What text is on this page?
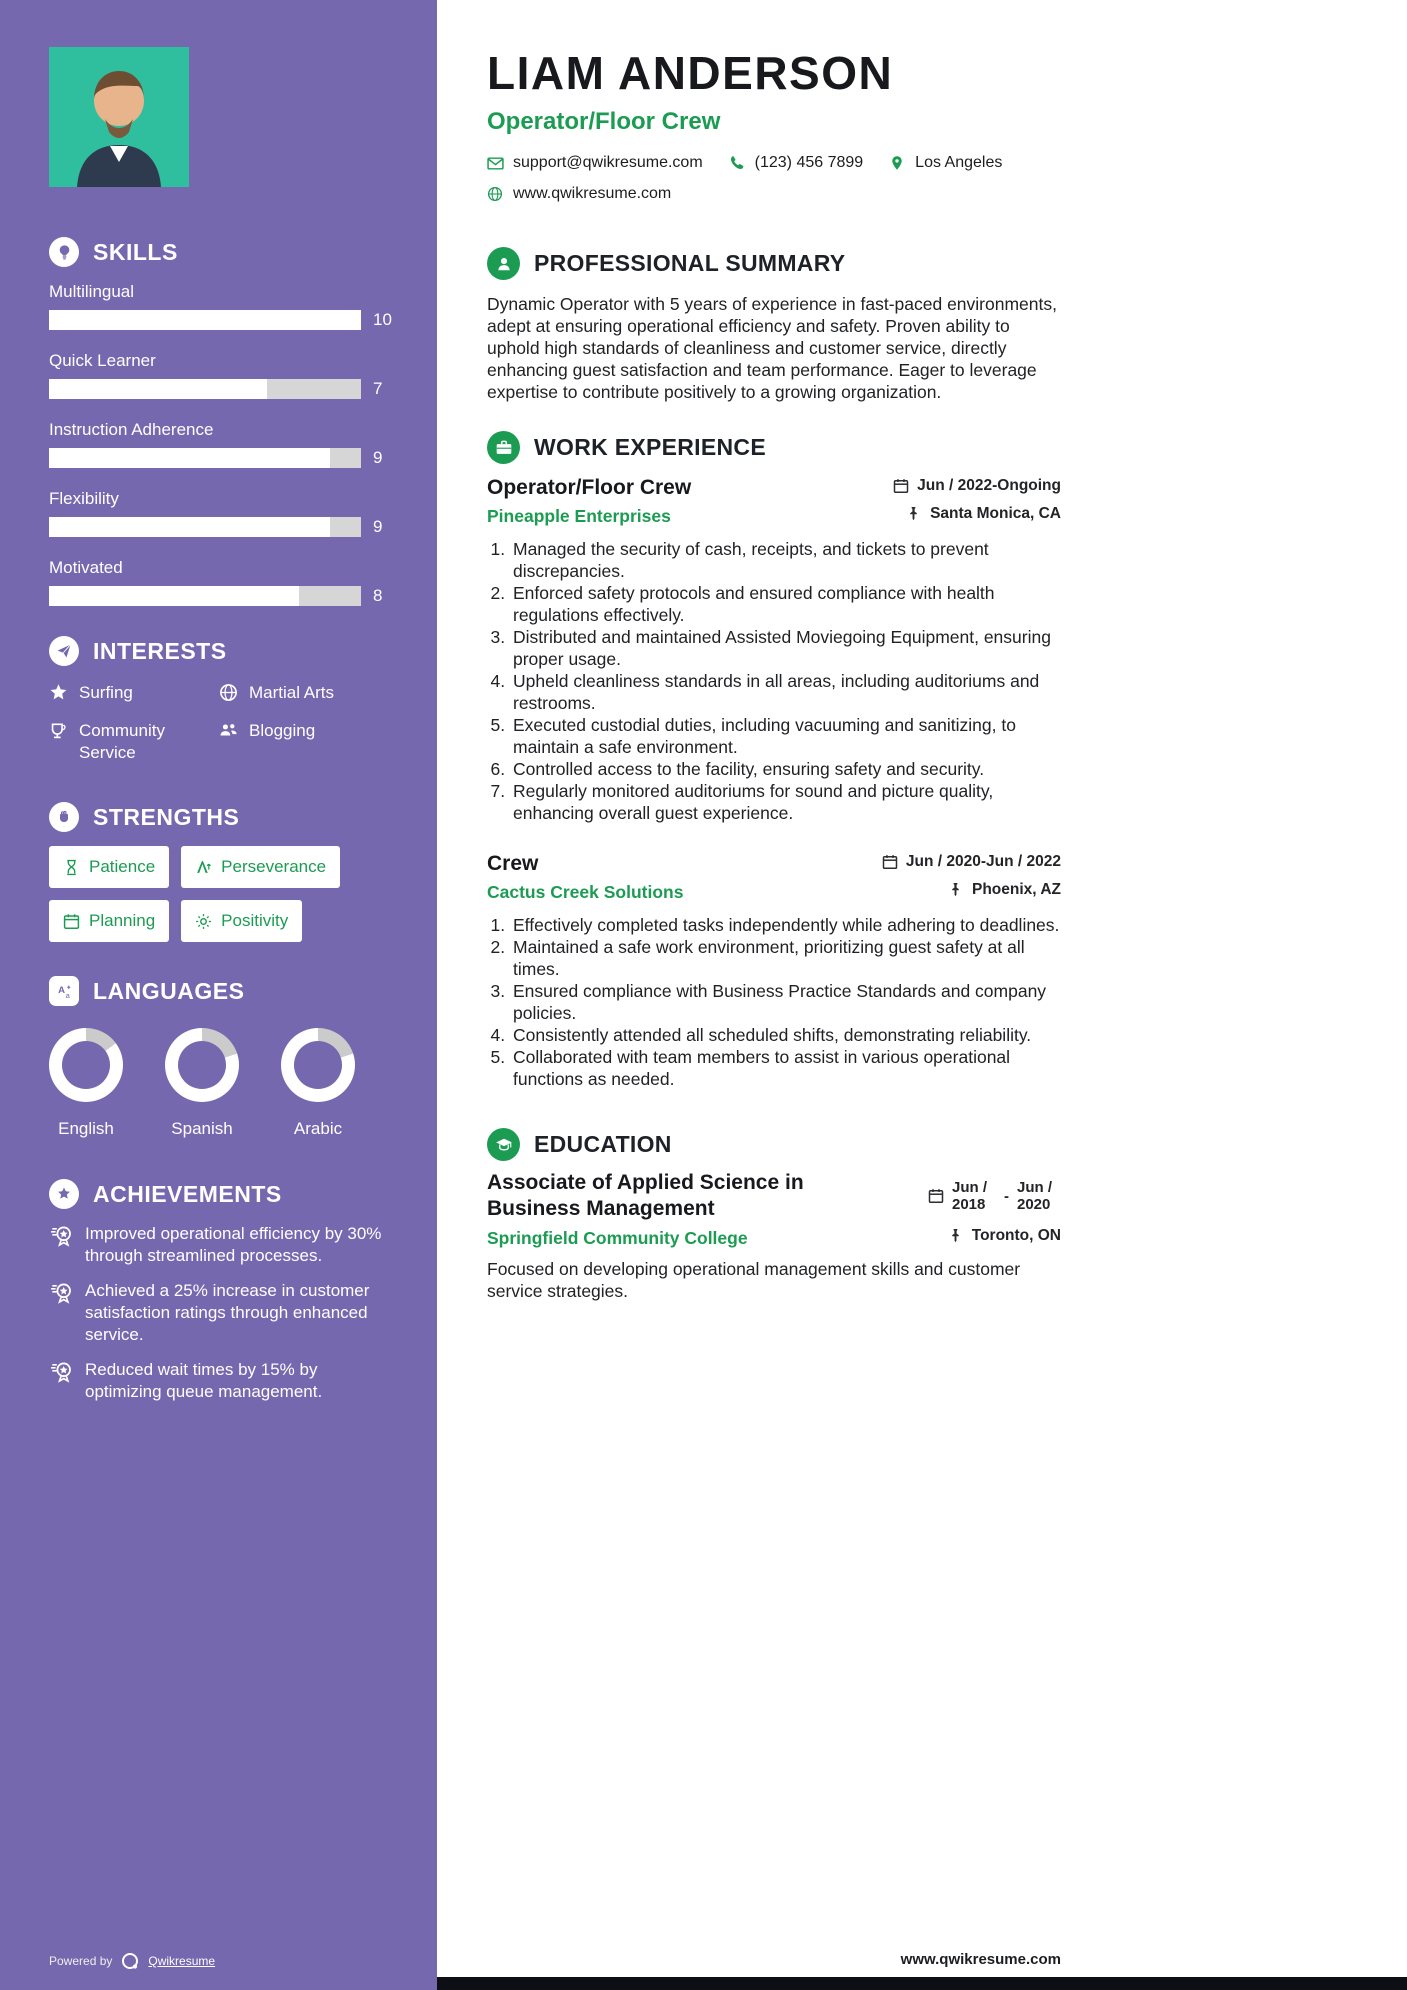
SKILLS
Multilingual
10
Quick Learner
7
Instruction Adherence
9
Flexibility
9
Motivated
8
INTERESTS
Surfing	Martial Arts
Community Service
Blogging
STRENGTHS
Patience	Perseverance
Planning	Positivity
A a LANGUAGES
English	Spanish	Arabic
ACHIEVEMENTS
Improved operational efficiency by 30% through streamlined processes.
Achieved a 25% increase in customer satisfaction ratings through enhanced service.
Reduced wait times by 15% by optimizing queue management.
Powered by	Qwikresume
LIAM ANDERSON
Operator/Floor Crew
support@qwikresume.com	(123) 456 7899	Los Angeles
www.qwikresume.com
PROFESSIONAL SUMMARY

Dynamic Operator with 5 years of experience in fast-paced environments, adept at ensuring operational efficiency and safety. Proven ability to uphold high standards of cleanliness and customer service, directly enhancing guest satisfaction and team performance. Eager to leverage expertise to contribute positively to a growing organization.

WORK EXPERIENCE
Operator/Floor Crew	Jun / 2022-Ongoing
Pineapple Enterprises	Santa Monica, CA
1. Managed the security of cash, receipts, and tickets to prevent discrepancies.
2. Enforced safety protocols and ensured compliance with health regulations effectively.
3. Distributed and maintained Assisted Moviegoing Equipment, ensuring proper usage.
4. Upheld cleanliness standards in all areas, including auditoriums and restrooms.
5. Executed custodial duties, including vacuuming and sanitizing, to maintain a safe environment.
6. Controlled access to the facility, ensuring safety and security.
7. Regularly monitored auditoriums for sound and picture quality, enhancing overall guest experience.
Crew	Jun / 2020-Jun / 2022
Cactus Creek Solutions	Phoenix, AZ
1. Effectively completed tasks independently while adhering to deadlines.
2. Maintained a safe work environment, prioritizing guest safety at all times.
3. Ensured compliance with Business Practice Standards and company policies.
4. Consistently attended all scheduled shifts, demonstrating reliability.
5. Collaborated with team members to assist in various operational functions as needed.
EDUCATION
Associate of Applied Science in Business Management
Jun / 2018	- Jun / 2020
Springfield Community College	Toronto, ON

Focused on developing operational management skills and customer service strategies.

www.qwikresume.com
